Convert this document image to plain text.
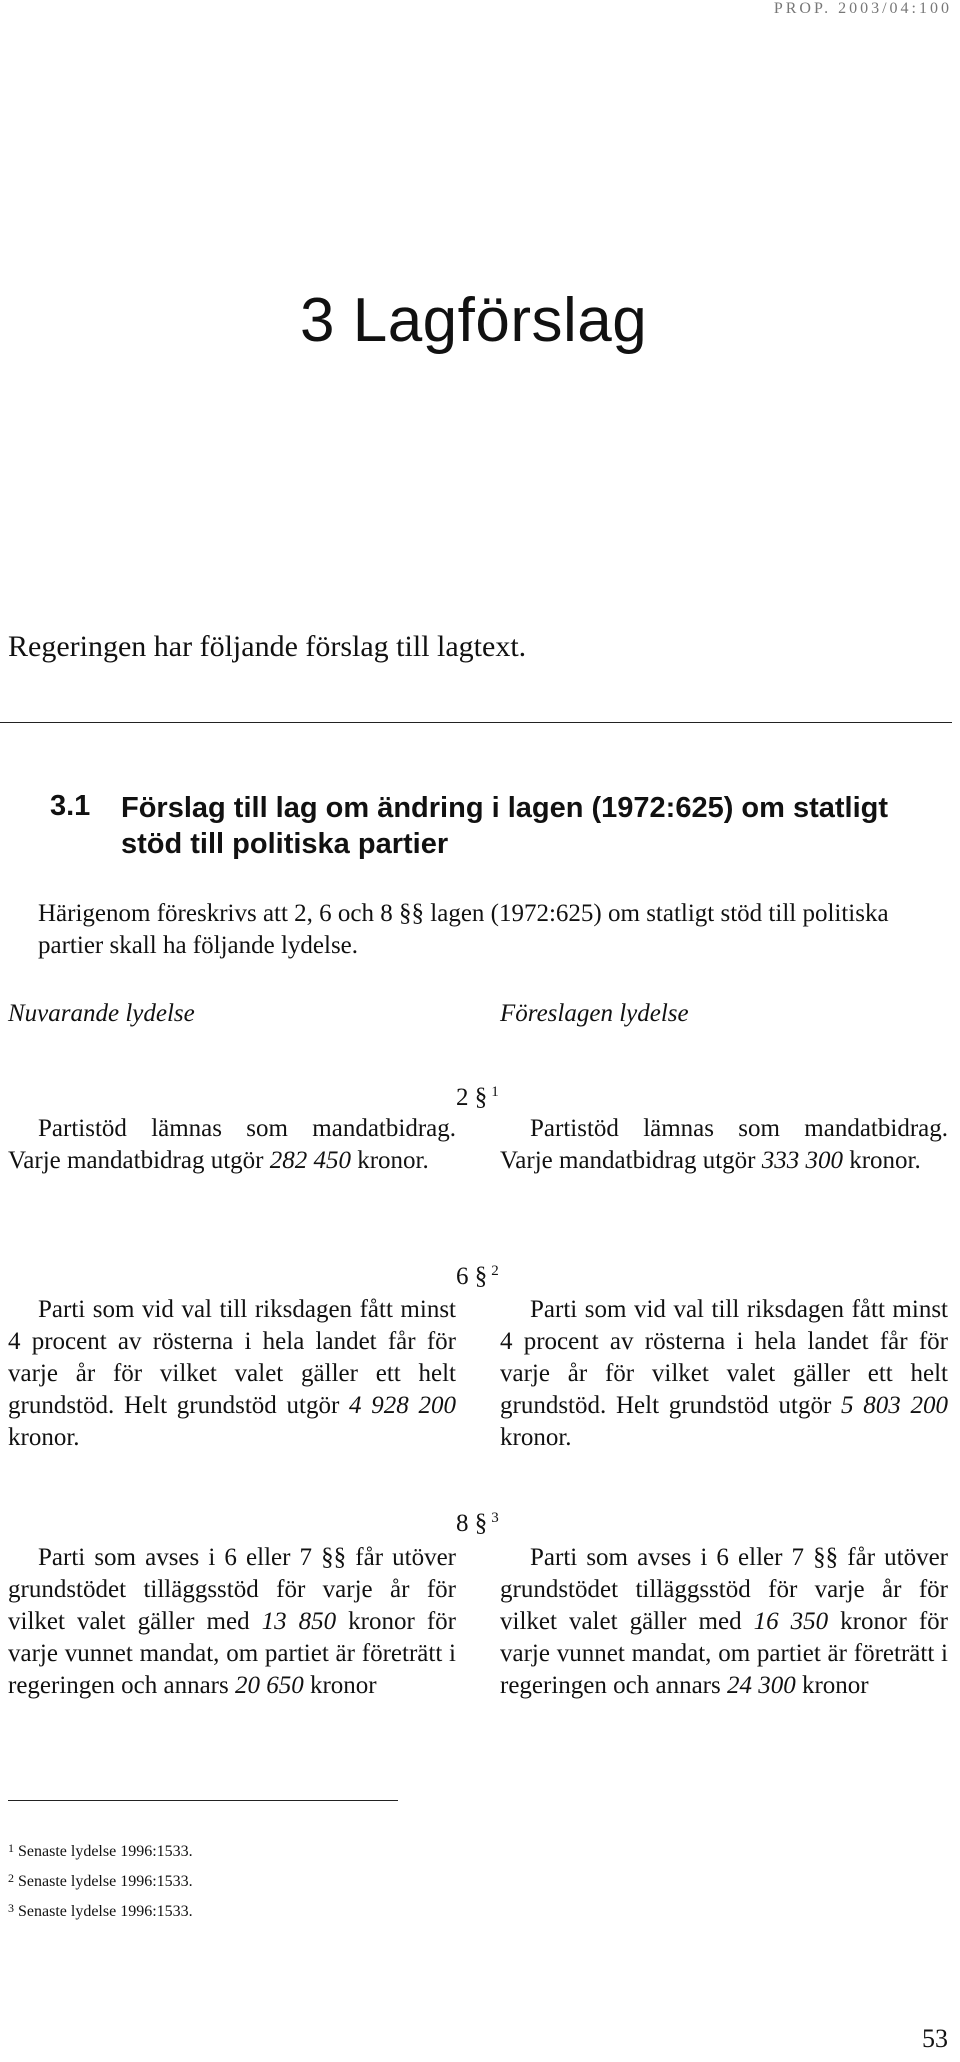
PROP. 2003/04:100
3 Lagförslag
Regeringen har följande förslag till lagtext.
3.1 Förslag till lag om ändring i lagen (1972:625) om statligt stöd till politiska partier
Härigenom föreskrivs att 2, 6 och 8 §§ lagen (1972:625) om statligt stöd till politiska partier skall ha följande lydelse.
Nuvarande lydelse	Föreslagen lydelse
2 § $^1$
Partistöd lämnas som mandatbidrag. Varje mandatbidrag utgör 282 450 kronor.
Partistöd lämnas som mandatbidrag. Varje mandatbidrag utgör 333 300 kronor.
6 § $^2$
Parti som vid val till riksdagen fått minst 4 procent av rösterna i hela landet får för varje år för vilket valet gäller ett helt grundstöd. Helt grundstöd utgör 4 928 200 kronor.
Parti som vid val till riksdagen fått minst 4 procent av rösterna i hela landet får för varje år för vilket valet gäller ett helt grundstöd. Helt grundstöd utgör 5 803 200 kronor.
8 § $^3$
Parti som avses i 6 eller 7 §§ får utöver grundstödet tilläggsstöd för varje år för vilket valet gäller med 13 850 kronor för varje vunnet mandat, om partiet är företrätt i regeringen och annars 20 650 kronor
Parti som avses i 6 eller 7 §§ får utöver grundstödet tilläggsstöd för varje år för vilket valet gäller med 16 350 kronor för varje vunnet mandat, om partiet är företrätt i regeringen och annars 24 300 kronor
$^1$ Senaste lydelse 1996:1533.
$^2$ Senaste lydelse 1996:1533.
$^3$ Senaste lydelse 1996:1533.
53
